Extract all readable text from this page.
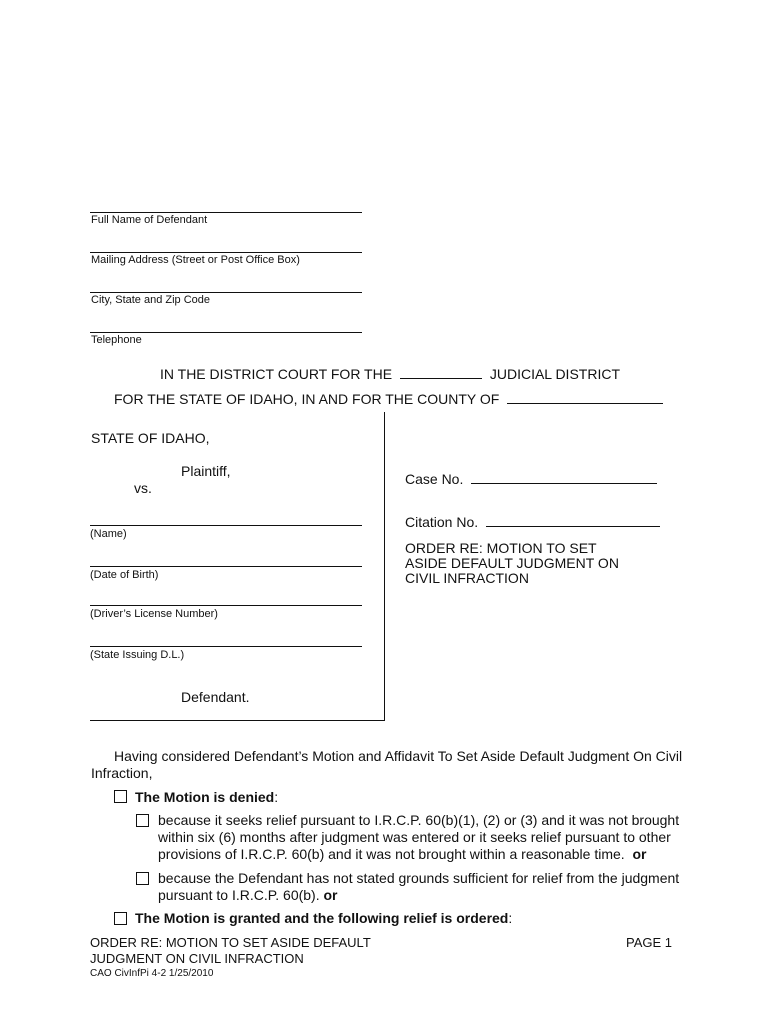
Full Name of Defendant
Mailing Address (Street or Post Office Box)
City, State and Zip Code
Telephone
IN THE DISTRICT COURT FOR THE	JUDICIAL DISTRICT
FOR THE STATE OF IDAHO, IN AND FOR THE COUNTY OF
STATE OF IDAHO,
Plaintiff,
vs.
(Name)
(Date of Birth)
(Driver’s License Number)
(State Issuing D.L.)
Defendant.
Case No.
Citation No.
ORDER RE: MOTION TO SET
ASIDE DEFAULT JUDGMENT ON
CIVIL INFRACTION
Having considered Defendant’s Motion and Affidavit To Set Aside Default Judgment On Civil
Infraction,
The Motion is denied:
because it seeks relief pursuant to I.R.C.P. 60(b)(1), (2) or (3) and it was not brought
within six (6) months after judgment was entered or it seeks relief pursuant to other
provisions of I.R.C.P. 60(b) and it was not brought within a reasonable time. or
because the Defendant has not stated grounds sufficient for relief from the judgment
pursuant to I.R.C.P. 60(b). or
The Motion is granted and the following relief is ordered:
ORDER RE: MOTION TO SET ASIDE DEFAULT
JUDGMENT ON CIVIL INFRACTION
PAGE 1
CAO CivInfPi 4-2 1/25/2010
